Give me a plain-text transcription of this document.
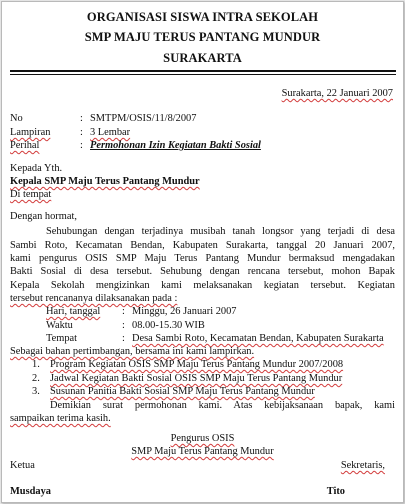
ORGANISASI SISWA INTRA SEKOLAH
SMP MAJU TERUS PANTANG MUNDUR
SURAKARTA
Surakarta, 22 Januari 2007
No	: SMTPM/OSIS/11/8/2007
Lampiran	: 3 Lembar
Perihal	: Permohonan Izin Kegiatan Bakti Sosial
Kepada Yth.
Kepala SMP Maju Terus Pantang Mundur
Di tempat
Dengan hormat,
Sehubungan dengan terjadinya musibah tanah longsor yang terjadi di desa
Sambi Roto, Kecamatan Bendan, Kabupaten Surakarta, tanggal 20 Januari 2007,
kami pengurus OSIS SMP Maju Terus Pantang Mundur bermaksud mengadakan
Bakti Sosial di desa tersebut. Sehubung dengan rencana tersebut, mohon Bapak
Kepala Sekolah mengizinkan kami melaksanakan kegiatan tersebut. Kegiatan
tersebut rencananya dilaksanakan pada :
Hari, tanggal : Minggu, 26 Januari 2007
Waktu	: 08.00-15.30 WIB
Tempat	: Desa Sambi Roto, Kecamatan Bendan, Kabupaten Surakarta
Sebagai bahan pertimbangan, bersama ini kami lampirkan.
1. Program Kegiatan OSIS SMP Maju Terus Pantang Mundur 2007/2008
2. Jadwal Kegiatan Bakti Sosial OSIS SMP Maju Terus Pantang Mundur
3. Susunan Panitia Bakti Sosial SMP Maju Terus Pantang Mundur
Demikian surat permohonan kami. Atas kebijaksanaan bapak, kami
sampaikan terima kasih.
Pengurus OSIS
SMP Maju Terus Pantang Mundur
Ketua	Sekretaris,
Musdaya	Tito
